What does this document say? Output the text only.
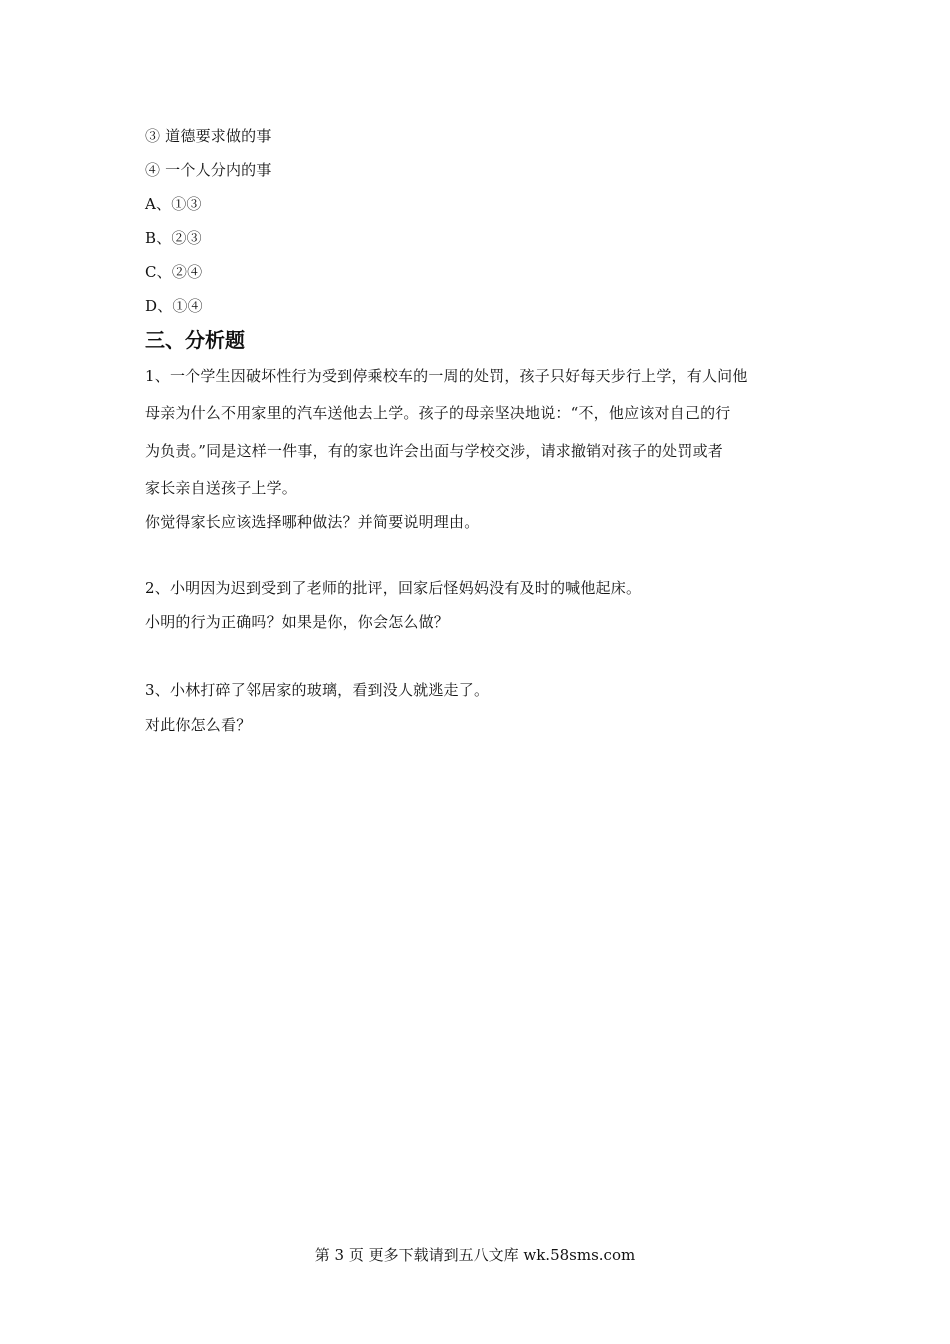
③ 道德要求做的事
④ 一个人分内的事
A、①③
B、②③
C、②④
D、①④
三、分析题
1、一个学生因破坏性行为受到停乘校车的一周的处罚，孩子只好每天步行上学，有人问他
母亲为什么不用家里的汽车送他去上学。孩子的母亲坚决地说：“不，他应该对自己的行
为负责。”同是这样一件事，有的家也许会出面与学校交涉，请求撤销对孩子的处罚或者
家长亲自送孩子上学。
你觉得家长应该选择哪种做法？并简要说明理由。
2、小明因为迟到受到了老师的批评，回家后怪妈妈没有及时的喊他起床。
小明的行为正确吗？如果是你，你会怎么做？
3、小林打碎了邻居家的玻璃，看到没人就逃走了。
对此你怎么看？
第 3 页 更多下载请到五八文库 wk.58sms.com
